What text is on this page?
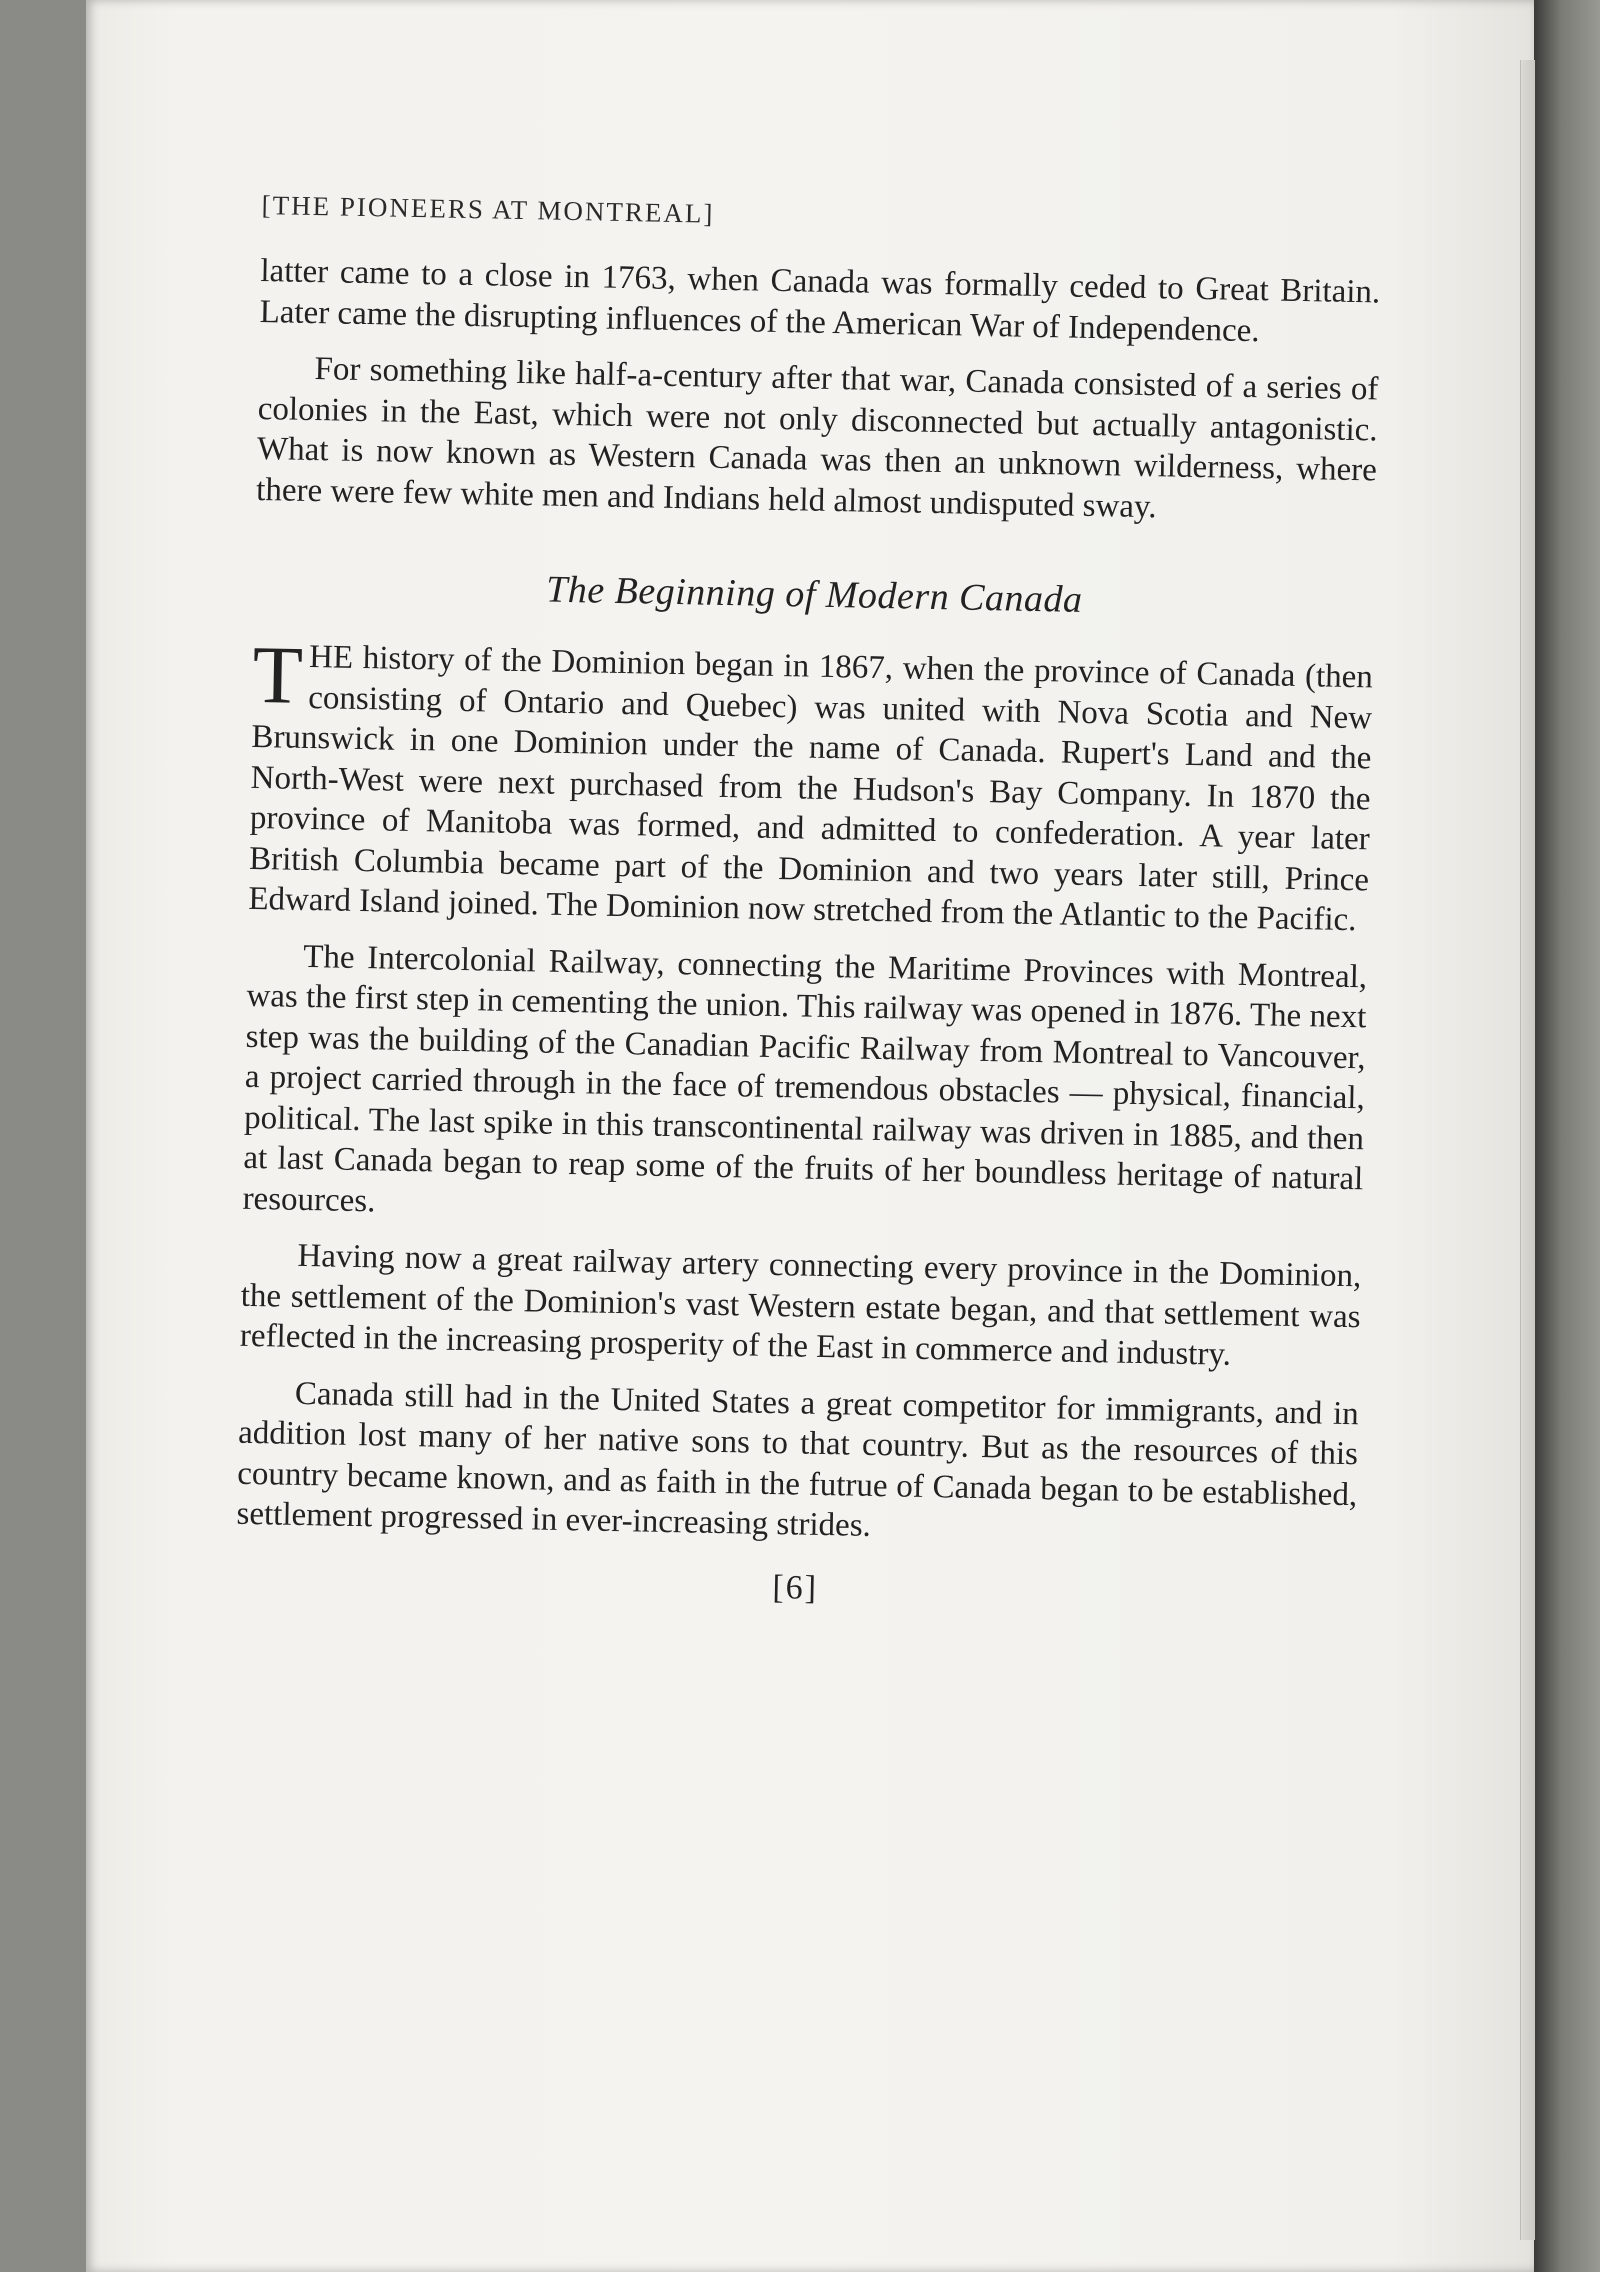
[THE PIONEERS AT MONTREAL]

latter came to a close in 1763, when Canada was formally ceded to Great Britain. Later came the disrupting influences of the American War of Independence.

For something like half-a-century after that war, Canada consisted of a series of colonies in the East, which were not only disconnected but actually antagonistic. What is now known as Western Canada was then an unknown wilderness, where there were few white men and Indians held almost undisputed sway.

The Beginning of Modern Canada

THE history of the Dominion began in 1867, when the province of Canada (then consisting of Ontario and Quebec) was united with Nova Scotia and New Brunswick in one Dominion under the name of Canada. Rupert's Land and the North-West were next purchased from the Hudson's Bay Company. In 1870 the province of Manitoba was formed, and admitted to confederation. A year later British Columbia became part of the Dominion and two years later still, Prince Edward Island joined. The Dominion now stretched from the Atlantic to the Pacific.

The Intercolonial Railway, connecting the Maritime Provinces with Montreal, was the first step in cementing the union. This railway was opened in 1876. The next step was the building of the Canadian Pacific Railway from Montreal to Vancouver, a project carried through in the face of tremendous obstacles — physical, financial, political. The last spike in this transcontinental railway was driven in 1885, and then at last Canada began to reap some of the fruits of her boundless heritage of natural resources.

Having now a great railway artery connecting every province in the Dominion, the settlement of the Dominion's vast Western estate began, and that settlement was reflected in the increasing prosperity of the East in commerce and industry.

Canada still had in the United States a great competitor for immigrants, and in addition lost many of her native sons to that country. But as the resources of this country became known, and as faith in the futrue of Canada began to be established, settlement progressed in ever-increasing strides.

[6]
